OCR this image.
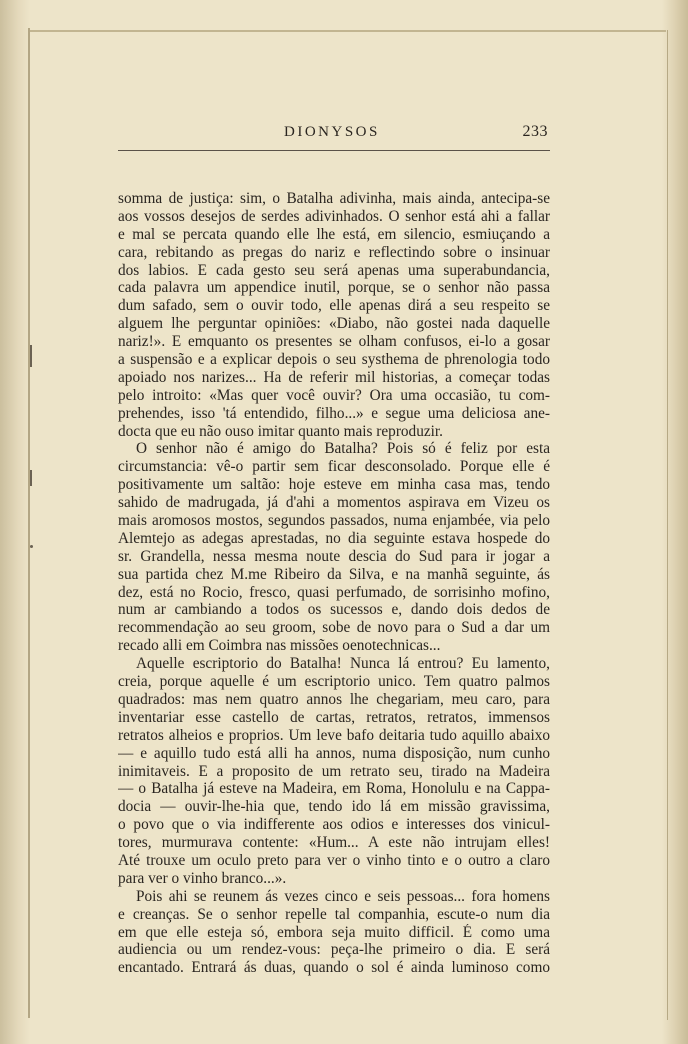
DIONYSOS	233
somma de justiça: sim, o Batalha adivinha, mais ainda, antecipa-se
aos vossos desejos de serdes adivinhados. O senhor está ahi a fallar
e mal se percata quando elle lhe está, em silencio, esmiuçando a
cara, rebitando as pregas do nariz e reflectindo sobre o insinuar
dos labios. E cada gesto seu será apenas uma superabundancia,
cada palavra um appendice inutil, porque, se o senhor não passa
dum safado, sem o ouvir todo, elle apenas dirá a seu respeito se
alguem lhe perguntar opiniões: «Diabo, não gostei nada daquelle
nariz!». E emquanto os presentes se olham confusos, ei-lo a gosar
a suspensão e a explicar depois o seu systhema de phrenologia todo
apoiado nos narizes... Ha de referir mil historias, a começar todas
pelo introito: «Mas quer você ouvir? Ora uma occasião, tu com-
prehendes, isso 'tá entendido, filho...» e segue uma deliciosa ane-
docta que eu não ouso imitar quanto mais reproduzir.
O senhor não é amigo do Batalha? Pois só é feliz por esta
circumstancia: vê-o partir sem ficar desconsolado. Porque elle é
positivamente um saltão: hoje esteve em minha casa mas, tendo
sahido de madrugada, já d'ahi a momentos aspirava em Vizeu os
mais aromosos mostos, segundos passados, numa enjambée, via pelo
Alemtejo as adegas aprestadas, no dia seguinte estava hospede do
sr. Grandella, nessa mesma noute descia do Sud para ir jogar a
sua partida chez M.me Ribeiro da Silva, e na manhã seguinte, ás
dez, está no Rocio, fresco, quasi perfumado, de sorrisinho mofino,
num ar cambiando a todos os sucessos e, dando dois dedos de
recommendação ao seu groom, sobe de novo para o Sud a dar um
recado alli em Coimbra nas missões oenotechnicas...
Aquelle escriptorio do Batalha! Nunca lá entrou? Eu lamento,
creia, porque aquelle é um escriptorio unico. Tem quatro palmos
quadrados: mas nem quatro annos lhe chegariam, meu caro, para
inventariar esse castello de cartas, retratos, retratos, immensos
retratos alheios e proprios. Um leve bafo deitaria tudo aquillo abaixo
— e aquillo tudo está alli ha annos, numa disposição, num cunho
inimitaveis. E a proposito de um retrato seu, tirado na Madeira
— o Batalha já esteve na Madeira, em Roma, Honolulu e na Cappa-
docia — ouvir-lhe-hia que, tendo ido lá em missão gravissima,
o povo que o via indifferente aos odios e interesses dos vinicul-
tores, murmurava contente: «Hum... A este não intrujam elles!
Até trouxe um oculo preto para ver o vinho tinto e o outro a claro
para ver o vinho branco...».
Pois ahi se reunem ás vezes cinco e seis pessoas... fora homens
e creanças. Se o senhor repelle tal companhia, escute-o num dia
em que elle esteja só, embora seja muito difficil. É como uma
audiencia ou um rendez-vous: peça-lhe primeiro o dia. E será
encantado. Entrará ás duas, quando o sol é ainda luminoso como
